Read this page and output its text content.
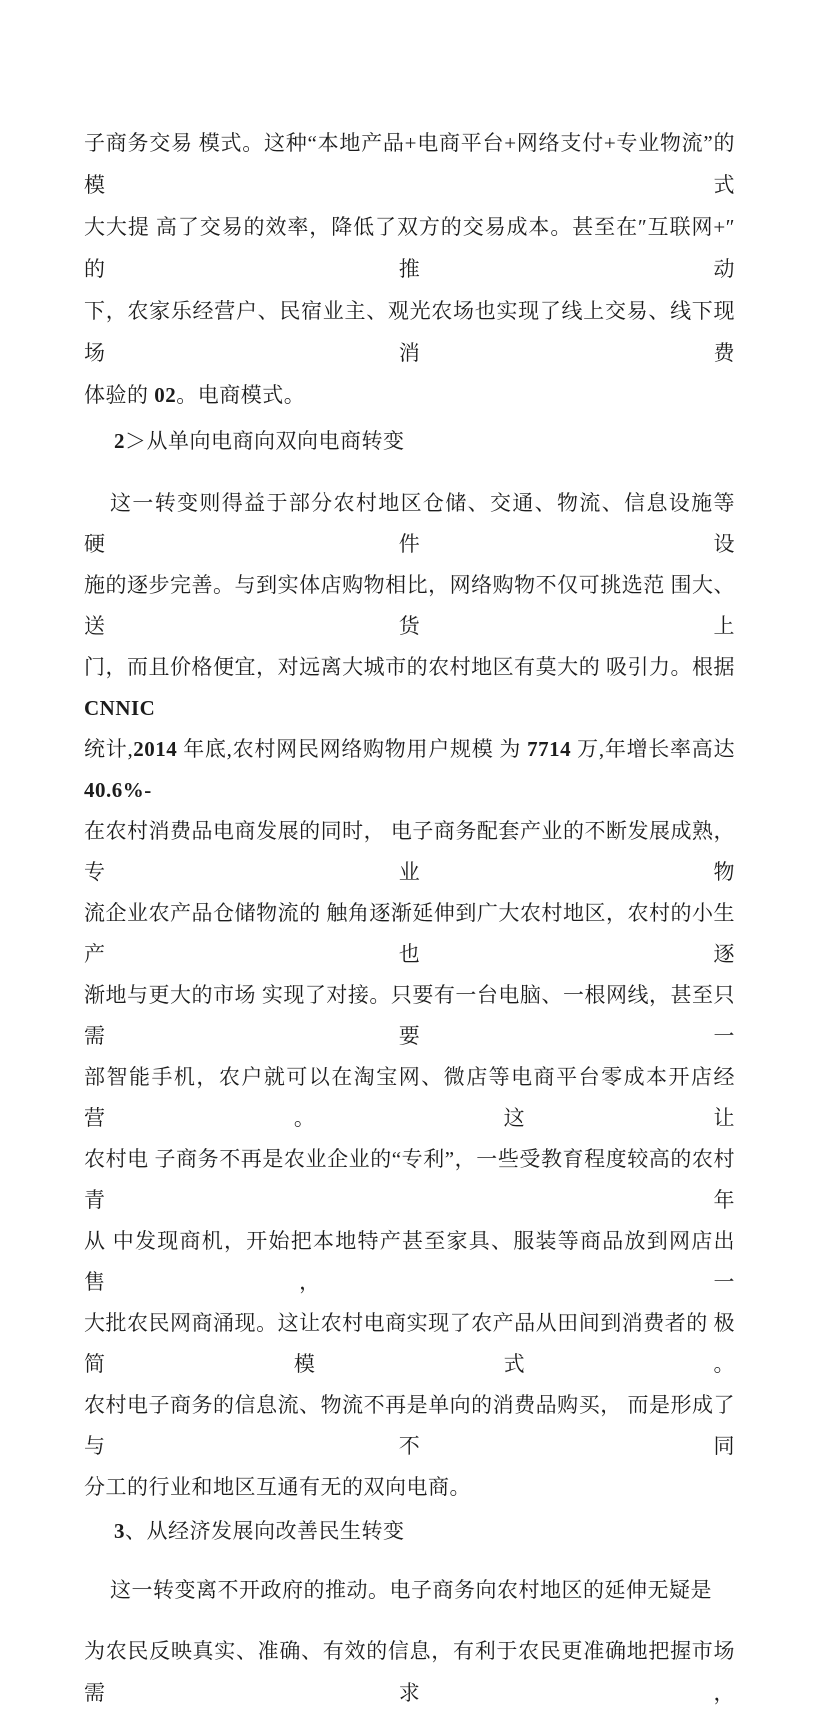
子商务交易 模式。这种“本地产品+电商平台+网络支付+专业物流”的模式
大大提 高了交易的效率，降低了双方的交易成本。甚至在″互联网+″的推动
下，农家乐经营户、民宿业主、观光农场也实现了线上交易、线下现 场消费
体验的 02。电商模式。
2＞从单向电商向双向电商转变
这一转变则得益于部分农村地区仓储、交通、物流、信息设施等 硬件设
施的逐步完善。与到实体店购物相比，网络购物不仅可挑选范 围大、送货上
门，而且价格便宜，对远离大城市的农村地区有莫大的 吸引力。根据 CNNIC
统计,2014 年底,农村网民网络购物用户规模 为 7714 万,年增长率高达 40.6%-
在农村消费品电商发展的同时， 电子商务配套产业的不断发展成熟，专业物
流企业农产品仓储物流的 触角逐渐延伸到广大农村地区，农村的小生产也逐
渐地与更大的市场 实现了对接。只要有一台电脑、一根网线，甚至只需要一
部智能手机，农户就可以在淘宝网、微店等电商平台零成本开店经营。这让
农村电 子商务不再是农业企业的“专利”，一些受教育程度较高的农村青年
从 中发现商机，开始把本地特产甚至家具、服装等商品放到网店出售， 一
大批农民网商涌现。这让农村电商实现了农产品从田间到消费者的 极简模式。
农村电子商务的信息流、物流不再是单向的消费品购买， 而是形成了与不同
分工的行业和地区互通有无的双向电商。
3、从经济发展向改善民生转变
这一转变离不开政府的推动。电子商务向农村地区的延伸无疑是
为农民反映真实、准确、有效的信息，有利于农民更准确地把握市场 需求，
